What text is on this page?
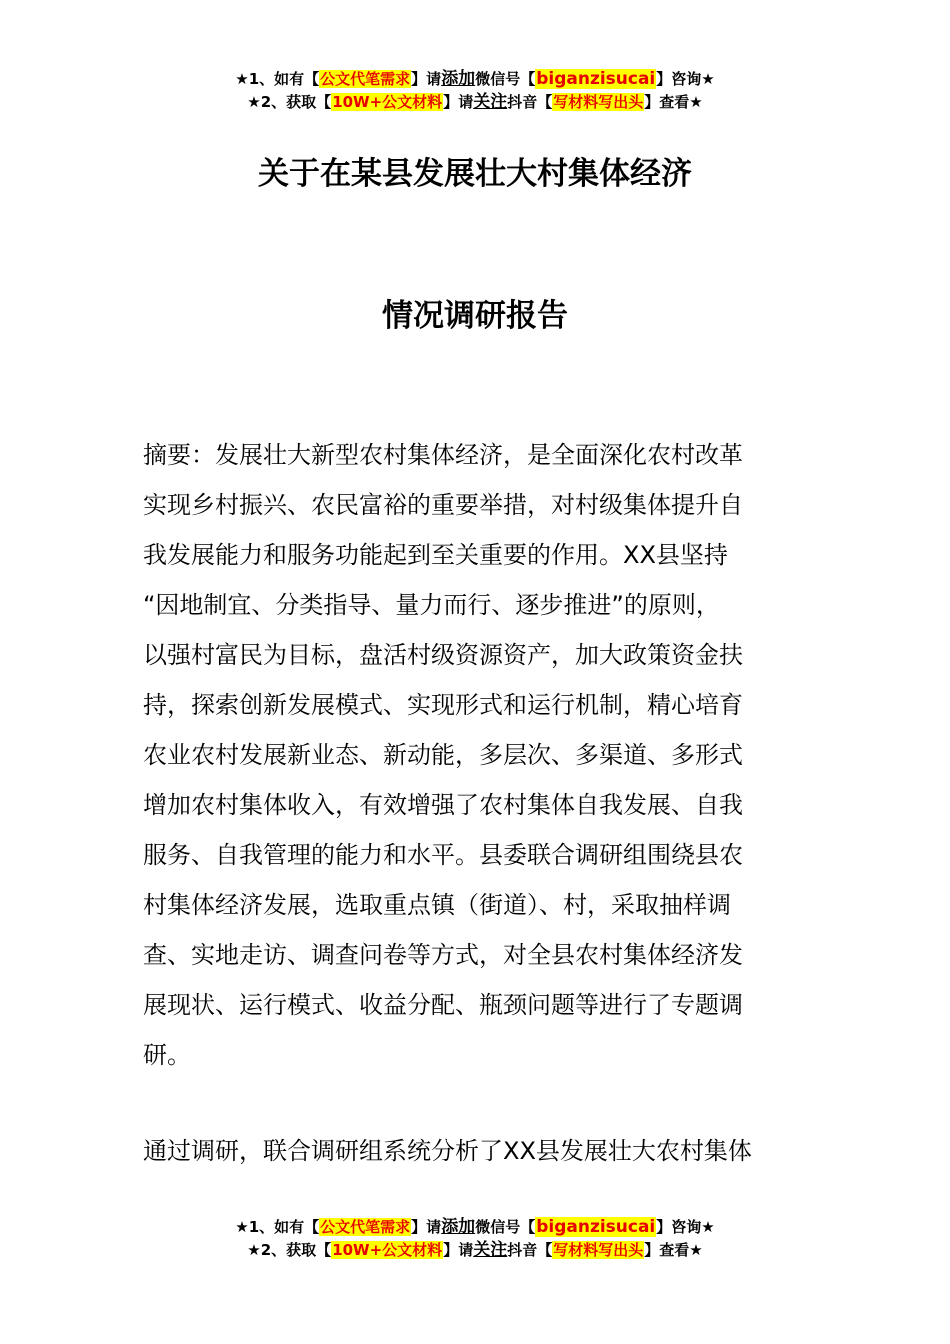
★1、如有【公文代笔需求】请添加微信号【biganzisucai】咨询★
★2、获取【10W+公文材料】请关注抖音【写材料写出头】查看★
关于在某县发展壮大村集体经济
情况调研报告
摘要：发展壮大新型农村集体经济，是全面深化农村改革
实现乡村振兴、农民富裕的重要举措，对村级集体提升自
我发展能力和服务功能起到至关重要的作用。XX县坚持
“因地制宜、分类指导、量力而行、逐步推进”的原则，
以强村富民为目标，盘活村级资源资产，加大政策资金扶
持，探索创新发展模式、实现形式和运行机制，精心培育
农业农村发展新业态、新动能，多层次、多渠道、多形式
增加农村集体收入，有效增强了农村集体自我发展、自我
服务、自我管理的能力和水平。县委联合调研组围绕县农
村集体经济发展，选取重点镇（街道）、村，采取抽样调
查、实地走访、调查问卷等方式，对全县农村集体经济发
展现状、运行模式、收益分配、瓶颈问题等进行了专题调
研。
通过调研，联合调研组系统分析了XX县发展壮大农村集体
★1、如有【公文代笔需求】请添加微信号【biganzisucai】咨询★
★2、获取【10W+公文材料】请关注抖音【写材料写出头】查看★
